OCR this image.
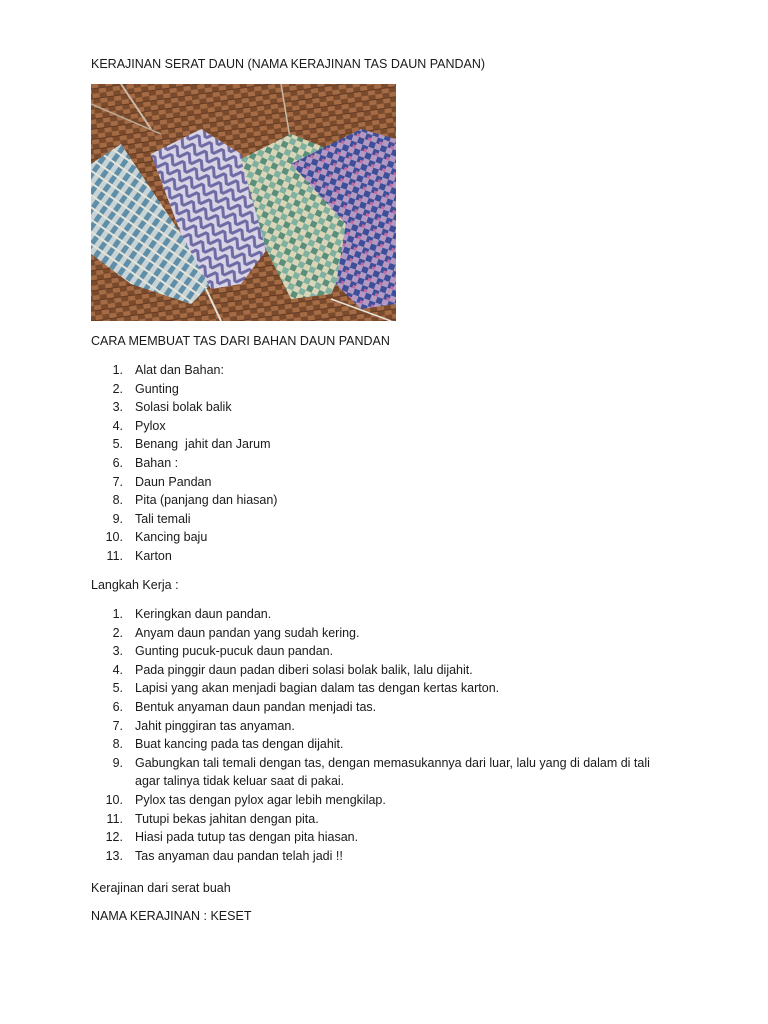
KERAJINAN SERAT DAUN (NAMA KERAJINAN TAS DAUN PANDAN)

CARA MEMBUAT TAS DARI BAHAN DAUN PANDAN

1. Alat dan Bahan:
2. Gunting
3. Solasi bolak balik
4. Pylox
5. Benang  jahit dan Jarum
6. Bahan :
7. Daun Pandan
8. Pita (panjang dan hiasan)
9. Tali temali
10. Kancing baju
11. Karton

Langkah Kerja :

1. Keringkan daun pandan.
2. Anyam daun pandan yang sudah kering.
3. Gunting pucuk-pucuk daun pandan.
4. Pada pinggir daun padan diberi solasi bolak balik, lalu dijahit.
5. Lapisi yang akan menjadi bagian dalam tas dengan kertas karton.
6. Bentuk anyaman daun pandan menjadi tas.
7. Jahit pinggiran tas anyaman.
8. Buat kancing pada tas dengan dijahit.
9. Gabungkan tali temali dengan tas, dengan memasukannya dari luar, lalu yang di dalam di tali agar talinya tidak keluar saat di pakai.
10. Pylox tas dengan pylox agar lebih mengkilap.
11. Tutupi bekas jahitan dengan pita.
12. Hiasi pada tutup tas dengan pita hiasan.
13. Tas anyaman dau pandan telah jadi !!

Kerajinan dari serat buah

NAMA KERAJINAN : KESET
